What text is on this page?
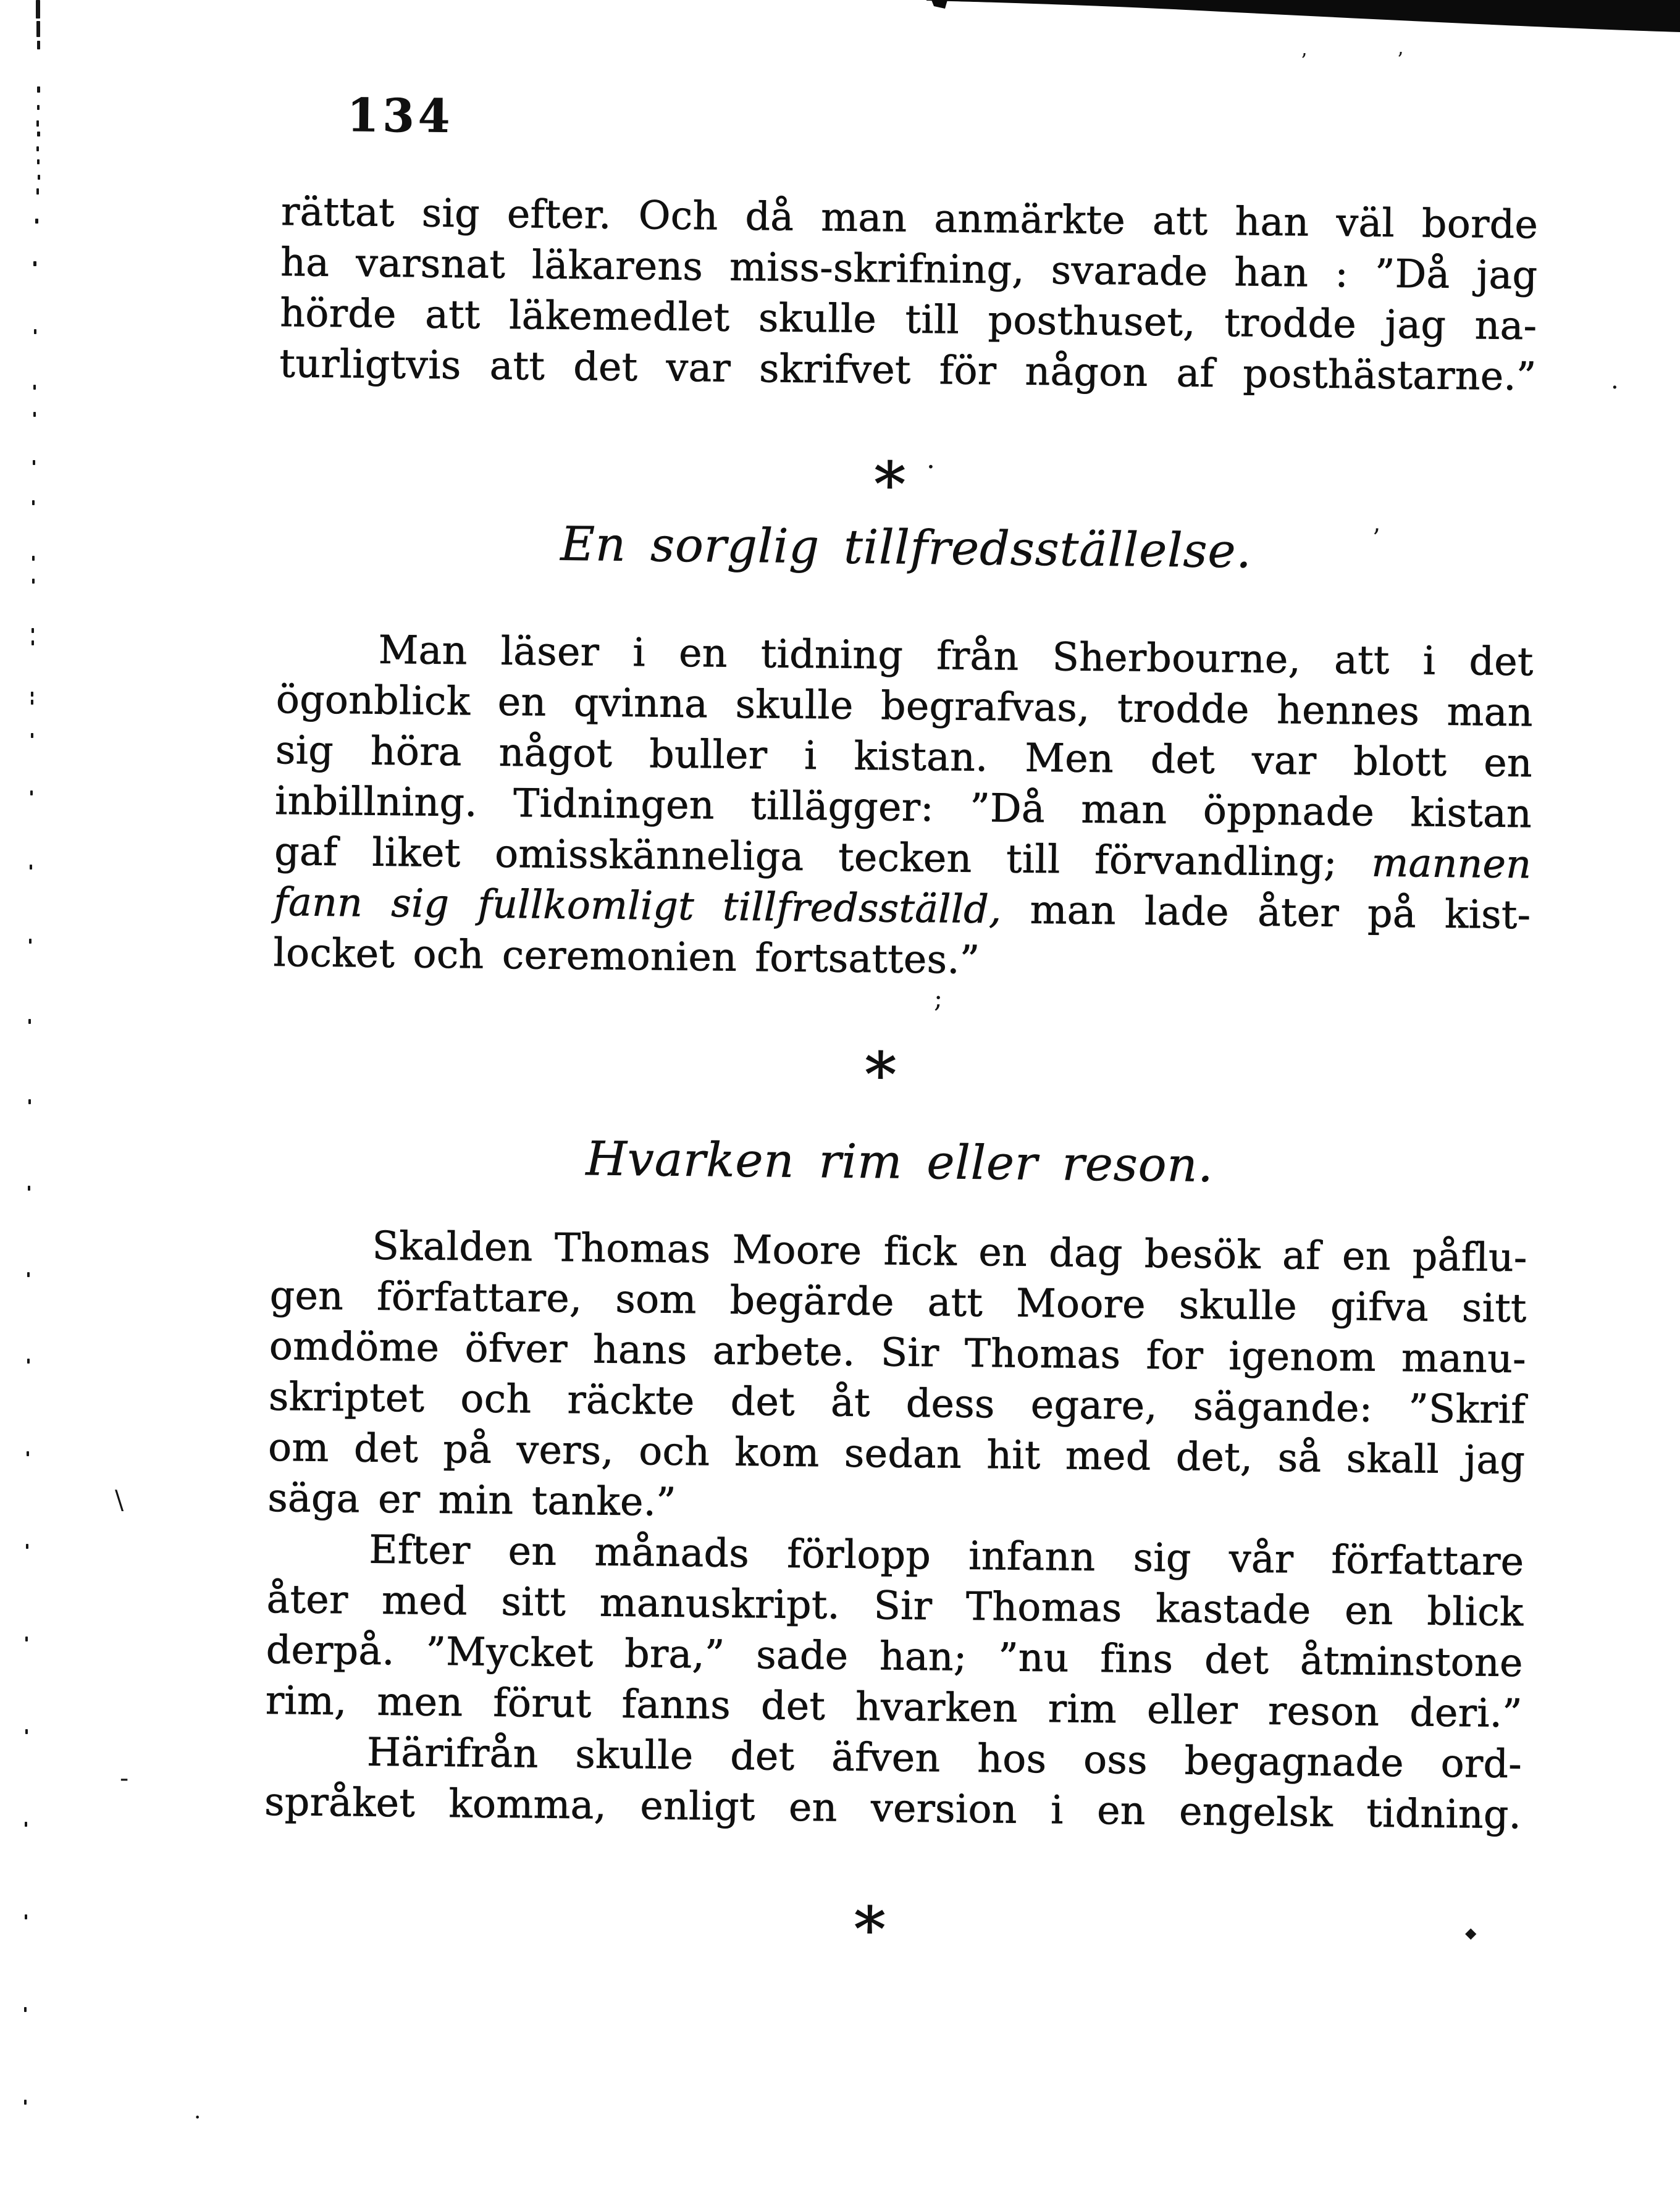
134
rättat sig efter. Och då man anmärkte att han väl borde
ha varsnat läkarens miss-skrifning, svarade han : ”Då jag
hörde att läkemedlet skulle till posthuset, trodde jag na-
turligtvis att det var skrifvet för någon af posthästarne.”
*
En sorglig tillfredsställelse.
Man läser i en tidning från Sherbourne, att i det
ögonblick en qvinna skulle begrafvas, trodde hennes man
sig höra något buller i kistan. Men det var blott en
inbillning. Tidningen tillägger: ”Då man öppnade kistan
gaf liket omisskänneliga tecken till förvandling; mannen
fann sig fullkomligt tillfredsställd, man lade åter på kist-
locket och ceremonien fortsattes.”
*
Hvarken rim eller reson.
Skalden Thomas Moore fick en dag besök af en påflu-
gen författare, som begärde att Moore skulle gifva sitt
omdöme öfver hans arbete. Sir Thomas for igenom manu-
skriptet och räckte det åt dess egare, sägande: ”Skrif
om det på vers, och kom sedan hit med det, så skall jag
säga er min tanke.”
Efter en månads förlopp infann sig vår författare
åter med sitt manuskript. Sir Thomas kastade en blick
derpå. ”Mycket bra,” sade han; ”nu fins det åtminstone
rim, men förut fanns det hvarken rim eller reson deri.”
Härifrån skulle det äfven hos oss begagnade ord-
språket komma, enligt en version i en engelsk tidning.
*
·
’
·
;
\
-
’	’
◆
·
